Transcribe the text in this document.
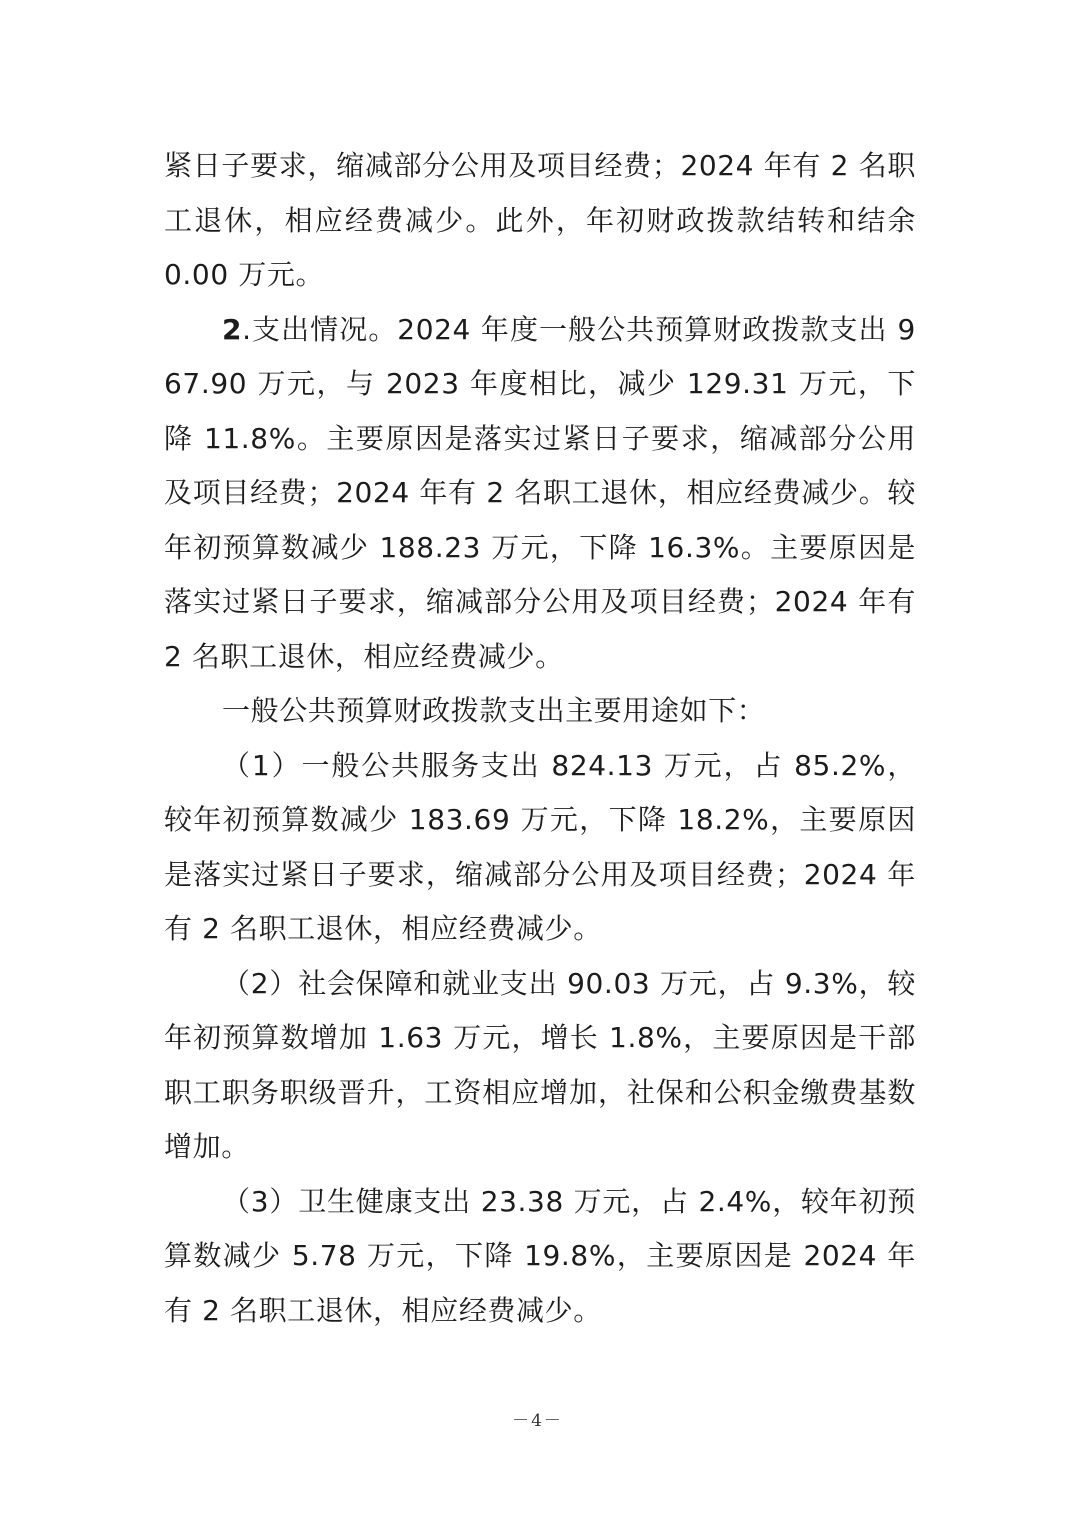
紧日子要求，缩减部分公用及项目经费；2024 年有 2 名职工退休，相应经费减少。此外，年初财政拨款结转和结余 0.00 万元。

2.支出情况。2024 年度一般公共预算财政拨款支出 967.90 万元，与 2023 年度相比，减少 129.31 万元，下降 11.8%。主要原因是落实过紧日子要求，缩减部分公用及项目经费；2024 年有 2 名职工退休，相应经费减少。较年初预算数减少 188.23 万元，下降 16.3%。主要原因是落实过紧日子要求，缩减部分公用及项目经费；2024 年有 2 名职工退休，相应经费减少。

一般公共预算财政拨款支出主要用途如下：

（1）一般公共服务支出 824.13 万元，占 85.2%，较年初预算数减少 183.69 万元，下降 18.2%，主要原因是落实过紧日子要求，缩减部分公用及项目经费；2024 年有 2 名职工退休，相应经费减少。

（2）社会保障和就业支出 90.03 万元，占 9.3%，较年初预算数增加 1.63 万元，增长 1.8%，主要原因是干部职工职务职级晋升，工资相应增加，社保和公积金缴费基数增加。

（3）卫生健康支出 23.38 万元，占 2.4%，较年初预算数减少 5.78 万元，下降 19.8%，主要原因是 2024 年有 2 名职工退休，相应经费减少。

－4－
